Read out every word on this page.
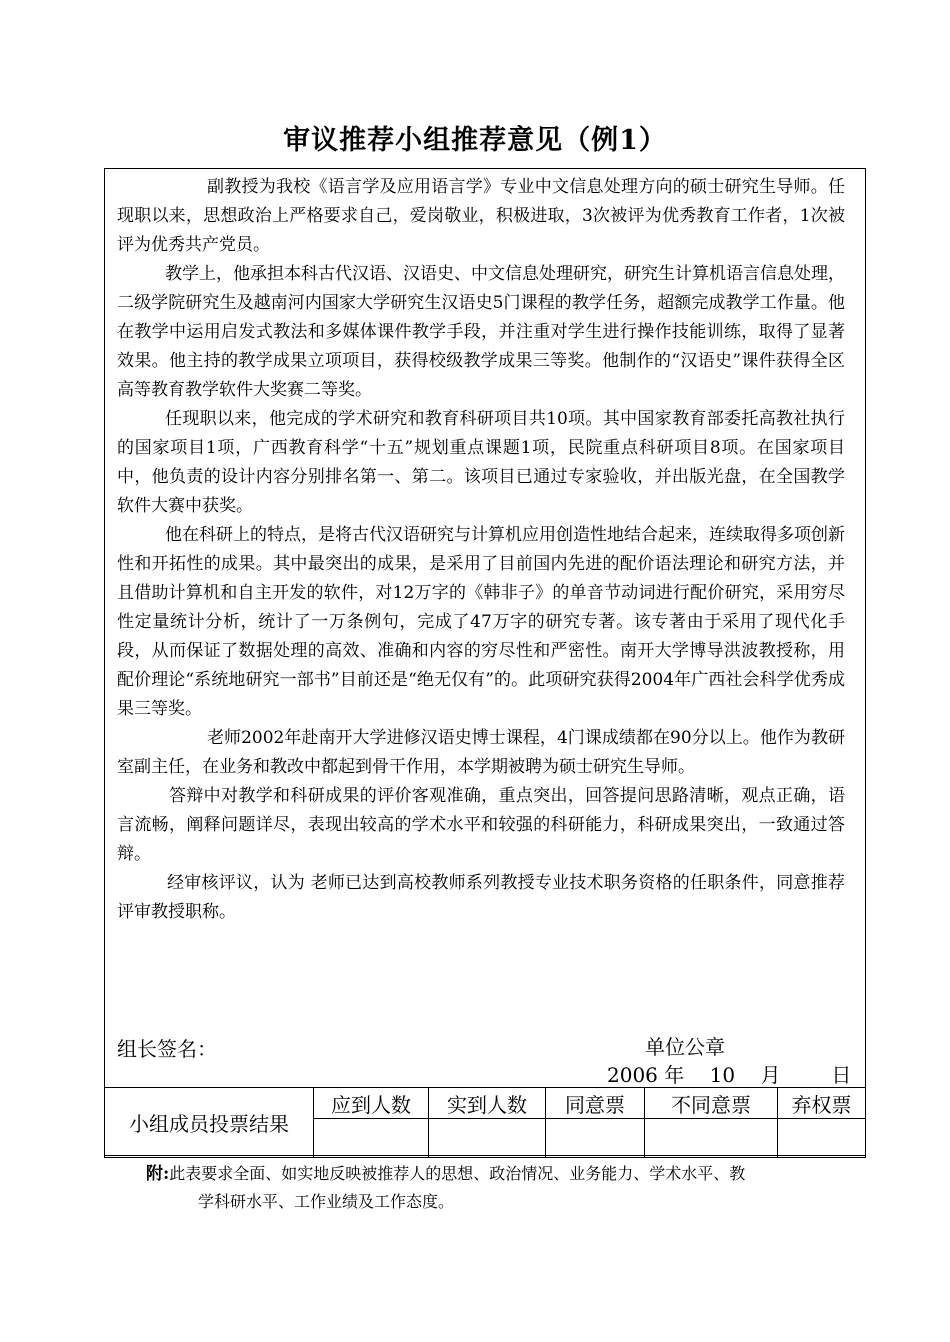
审议推荐小组推荐意见（例1）

副教授为我校《语言学及应用语言学》专业中文信息处理方向的硕士研究生导师。任现职以来，思想政治上严格要求自己，爱岗敬业，积极进取，3次被评为优秀教育工作者，1次被评为优秀共产党员。

教学上，他承担本科古代汉语、汉语史、中文信息处理研究，研究生计算机语言信息处理，二级学院研究生及越南河内国家大学研究生汉语史5门课程的教学任务，超额完成教学工作量。他在教学中运用启发式教法和多媒体课件教学手段，并注重对学生进行操作技能训练，取得了显著效果。他主持的教学成果立项项目，获得校级教学成果三等奖。他制作的“汉语史”课件获得全区高等教育教学软件大奖赛二等奖。

任现职以来，他完成的学术研究和教育科研项目共10项。其中国家教育部委托高教社执行的国家项目1项，广西教育科学“十五”规划重点课题1项，民院重点科研项目8项。在国家项目中，他负责的设计内容分别排名第一、第二。该项目已通过专家验收，并出版光盘，在全国教学软件大赛中获奖。

他在科研上的特点，是将古代汉语研究与计算机应用创造性地结合起来，连续取得多项创新性和开拓性的成果。其中最突出的成果，是采用了目前国内先进的配价语法理论和研究方法，并且借助计算机和自主开发的软件，对12万字的《韩非子》的单音节动词进行配价研究，采用穷尽性定量统计分析，统计了一万条例句，完成了47万字的研究专著。该专著由于采用了现代化手段，从而保证了数据处理的高效、准确和内容的穷尽性和严密性。南开大学博导洪波教授称，用配价理论“系统地研究一部书”目前还是“绝无仅有”的。此项研究获得2004年广西社会科学优秀成果三等奖。

老师2002年赴南开大学进修汉语史博士课程，4门课成绩都在90分以上。他作为教研室副主任，在业务和教改中都起到骨干作用，本学期被聘为硕士研究生导师。

答辩中对教学和科研成果的评价客观准确，重点突出，回答提问思路清晰，观点正确，语言流畅，阐释问题详尽，表现出较高的学术水平和较强的科研能力，科研成果突出，一致通过答辩。

经审核评议，认为 老师已达到高校教师系列教授专业技术职务资格的任职条件，同意推荐评审教授职称。

组长签名：	单位公章
2006 年    10    月        日
小组成员投票结果	应到人数	实到人数	同意票	不同意票	弃权票

附:此表要求全面、如实地反映被推荐人的思想、政治情况、业务能力、学术水平、教
学科研水平、工作业绩及工作态度。
